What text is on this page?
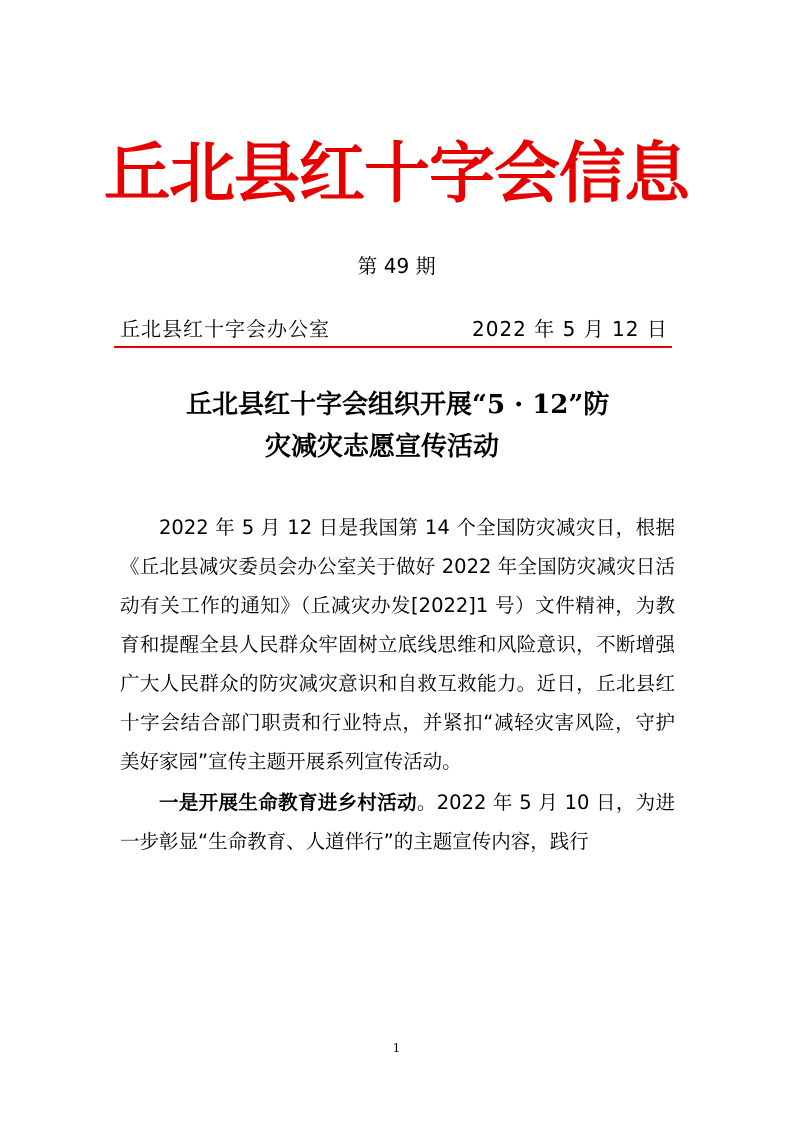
丘北县红十字会信息
第 49 期
丘北县红十字会办公室	2022 年 5 月 12 日
丘北县红十字会组织开展“5 · 12”防
灾减灾志愿宣传活动

2022 年 5 月 12 日是我国第 14 个全国防灾减灾日，根据《丘北县减灾委员会办公室关于做好 2022 年全国防灾减灾日活动有关工作的通知》（丘减灾办发[2022]1 号）文件精神，为教育和提醒全县人民群众牢固树立底线思维和风险意识，不断增强广大人民群众的防灾减灾意识和自救互救能力。近日，丘北县红十字会结合部门职责和行业特点，并紧扣“减轻灾害风险，守护美好家园”宣传主题开展系列宣传活动。

一是开展生命教育进乡村活动。2022 年 5 月 10 日，为进一步彰显“生命教育、人道伴行”的主题宣传内容，践行

1
